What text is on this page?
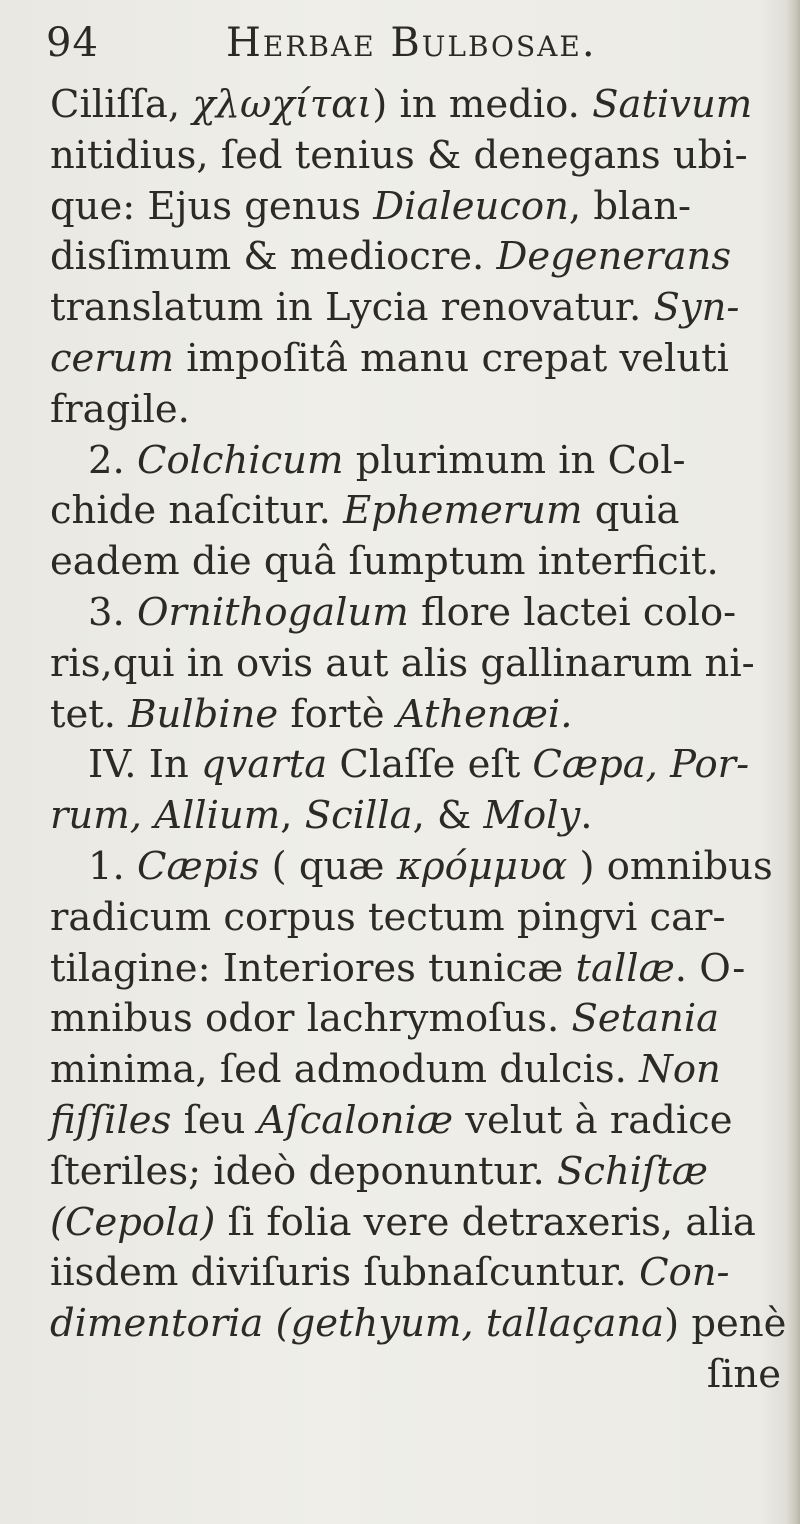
94	Herbae Bulbosae.
Ciliſſa, χλωχίται) in medio. Sativum
nitidius, ſed tenius & denegans ubi-
que: Ejus genus Dialeucon, blan-
disſimum & mediocre. Degenerans
translatum in Lycia renovatur. Syn-
cerum impoſitâ manu crepat veluti
fragile.
2. Colchicum plurimum in Col-
chide naſcitur. Ephemerum quia
eadem die quâ ſumptum interficit.
3. Ornithogalum flore lactei colo-
ris,qui in ovis aut alis gallinarum ni-
tet. Bulbine fortè Athenæi.
IV. In qvarta Claſſe eſt Cæpa, Por-
rum, Allium, Scilla, & Moly.
1. Cæpis ( quæ κρόμμυα ) omnibus
radicum corpus tectum pingvi car-
tilagine: Interiores tunicæ tallæ. O-
mnibus odor lachrymoſus. Setania
minima, ſed admodum dulcis. Non
fiſſiles ſeu Aſcaloniæ velut à radice
ſteriles; ideò deponuntur. Schiſtæ
(Cepola) ſi folia vere detraxeris, alia
iisdem diviſuris ſubnaſcuntur. Con-
dimentoria (gethyum, tallaçana) penè
ſine
